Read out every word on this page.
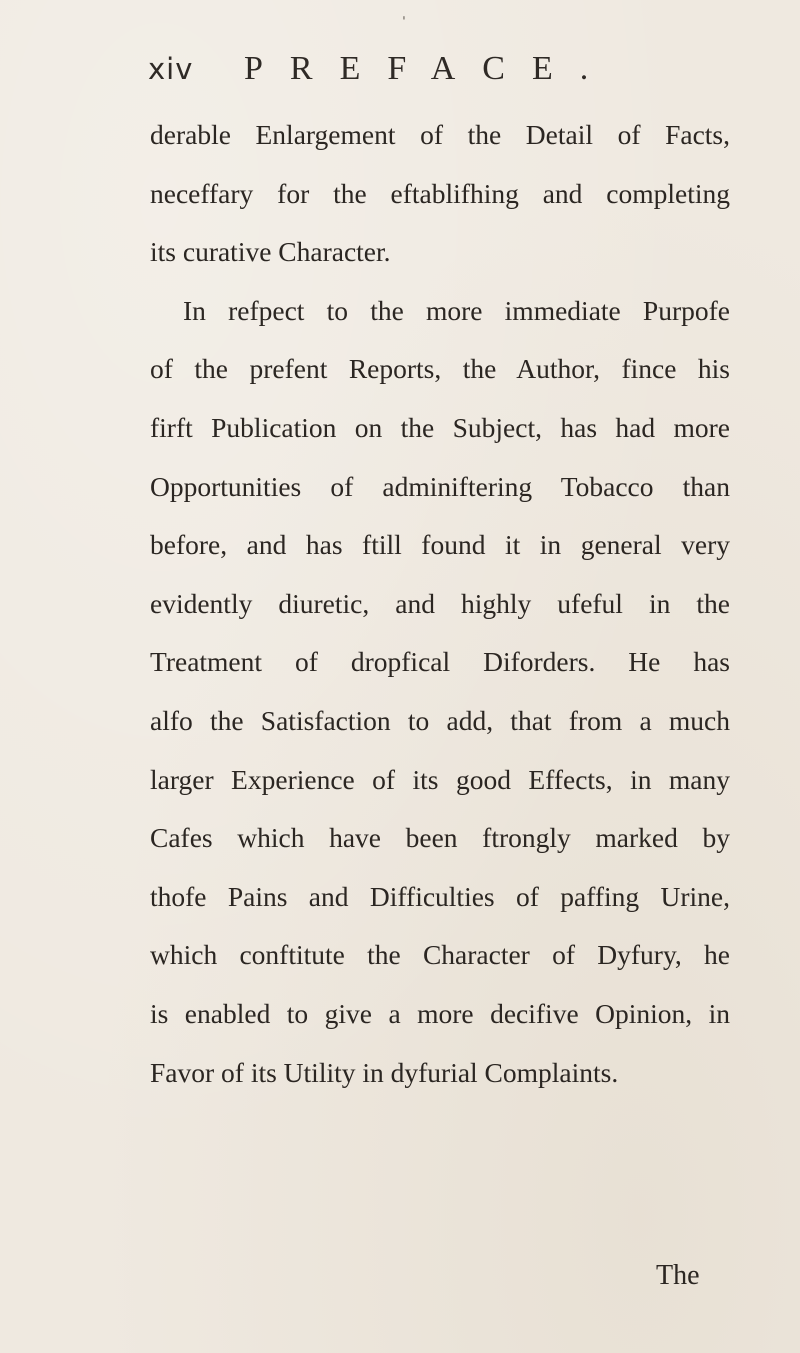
ˈ
xiv PREFACE.
derable Enlargement of the Detail of Facts,
neceffary for the eftablifhing and completing
its curative Character.
In refpect to the more immediate Purpofe
of the prefent Reports, the Author, fince his
firft Publication on the Subject, has had more
Opportunities of adminiftering Tobacco than
before, and has ftill found it in general very
evidently diuretic, and highly ufeful in the
Treatment of dropfical Diforders. He has
alfo the Satisfaction to add, that from a much
larger Experience of its good Effects, in many
Cafes which have been ftrongly marked by
thofe Pains and Difficulties of paffing Urine,
which conftitute the Character of Dyfury, he
is enabled to give a more decifive Opinion, in
Favor of its Utility in dyfurial Complaints.
The
